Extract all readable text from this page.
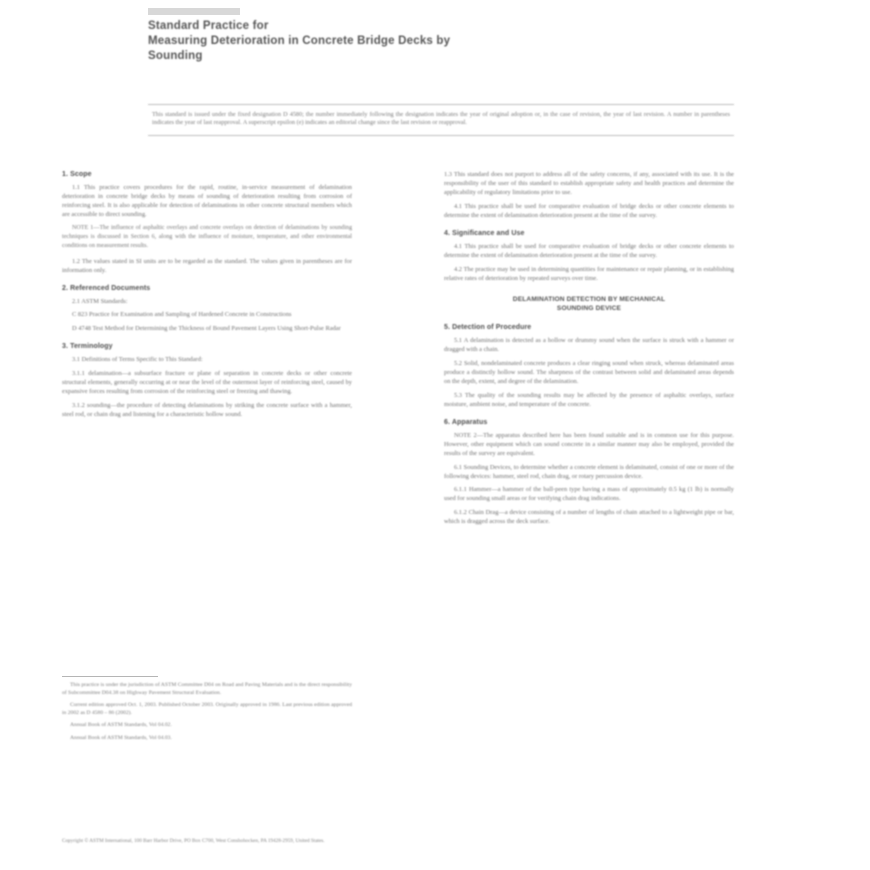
Standard Practice for
Measuring Deterioration in Concrete Bridge Decks by
Sounding
This standard is issued under the fixed designation D 4580; the number immediately following the designation indicates the year of original adoption or, in the case of revision, the year of last revision. A number in parentheses indicates the year of last reapproval. A superscript epsilon (e) indicates an editorial change since the last revision or reapproval.
1. Scope

1.1 This practice covers procedures for the rapid, routine, in-service measurement of delamination deterioration in concrete bridge decks by means of sounding of deterioration resulting from corrosion of reinforcing steel. It is also applicable for detection of delaminations in other concrete structural members which are accessible to direct sounding.

NOTE 1—The influence of asphaltic overlays and concrete overlays on detection of delaminations by sounding techniques is discussed in Section 6, along with the influence of moisture, temperature, and other environmental conditions on measurement results.

1.2 The values stated in SI units are to be regarded as the standard. The values given in parentheses are for information only.

2. Referenced Documents

2.1 ASTM Standards:

C 823 Practice for Examination and Sampling of Hardened Concrete in Constructions

D 4748 Test Method for Determining the Thickness of Bound Pavement Layers Using Short-Pulse Radar

3. Terminology

3.1 Definitions of Terms Specific to This Standard:

3.1.1 delamination—a subsurface fracture or plane of separation in concrete decks or other concrete structural elements, generally occurring at or near the level of the outermost layer of reinforcing steel, caused by expansive forces resulting from corrosion of the reinforcing steel or freezing and thawing.

3.1.2 sounding—the procedure of detecting delaminations by striking the concrete surface with a hammer, steel rod, or chain drag and listening for a characteristic hollow sound.

1.3 This standard does not purport to address all of the safety concerns, if any, associated with its use. It is the responsibility of the user of this standard to establish appropriate safety and health practices and determine the applicability of regulatory limitations prior to use.

4.1 This practice shall be used for comparative evaluation of bridge decks or other concrete elements to determine the extent of delamination deterioration present at the time of the survey.

4. Significance and Use

4.1 This practice shall be used for comparative evaluation of bridge decks or other concrete elements to determine the extent of delamination deterioration present at the time of the survey.

4.2 The practice may be used in determining quantities for maintenance or repair planning, or in establishing relative rates of deterioration by repeated surveys over time.

DELAMINATION DETECTION BY MECHANICAL
SOUNDING DEVICE
5. Detection of Procedure

5.1 A delamination is detected as a hollow or drummy sound when the surface is struck with a hammer or dragged with a chain.

5.2 Solid, nondelaminated concrete produces a clear ringing sound when struck, whereas delaminated areas produce a distinctly hollow sound. The sharpness of the contrast between solid and delaminated areas depends on the depth, extent, and degree of the delamination.

5.3 The quality of the sounding results may be affected by the presence of asphaltic overlays, surface moisture, ambient noise, and temperature of the concrete.

6. Apparatus

NOTE 2—The apparatus described here has been found suitable and is in common use for this purpose. However, other equipment which can sound concrete in a similar manner may also be employed, provided the results of the survey are equivalent.

6.1 Sounding Devices, to determine whether a concrete element is delaminated, consist of one or more of the following devices: hammer, steel rod, chain drag, or rotary percussion device.

6.1.1 Hammer—a hammer of the ball-peen type having a mass of approximately 0.5 kg (1 lb) is normally used for sounding small areas or for verifying chain drag indications.

6.1.2 Chain Drag—a device consisting of a number of lengths of chain attached to a lightweight pipe or bar, which is dragged across the deck surface.

This practice is under the jurisdiction of ASTM Committee D04 on Road and Paving Materials and is the direct responsibility of Subcommittee D04.38 on Highway Pavement Structural Evaluation.

Current edition approved Oct. 1, 2003. Published October 2003. Originally approved in 1986. Last previous edition approved in 2002 as D 4580 – 86 (2002).

Annual Book of ASTM Standards, Vol 04.02.

Annual Book of ASTM Standards, Vol 04.03.

Copyright © ASTM International, 100 Barr Harbor Drive, PO Box C700, West Conshohocken, PA 19428-2959, United States.
